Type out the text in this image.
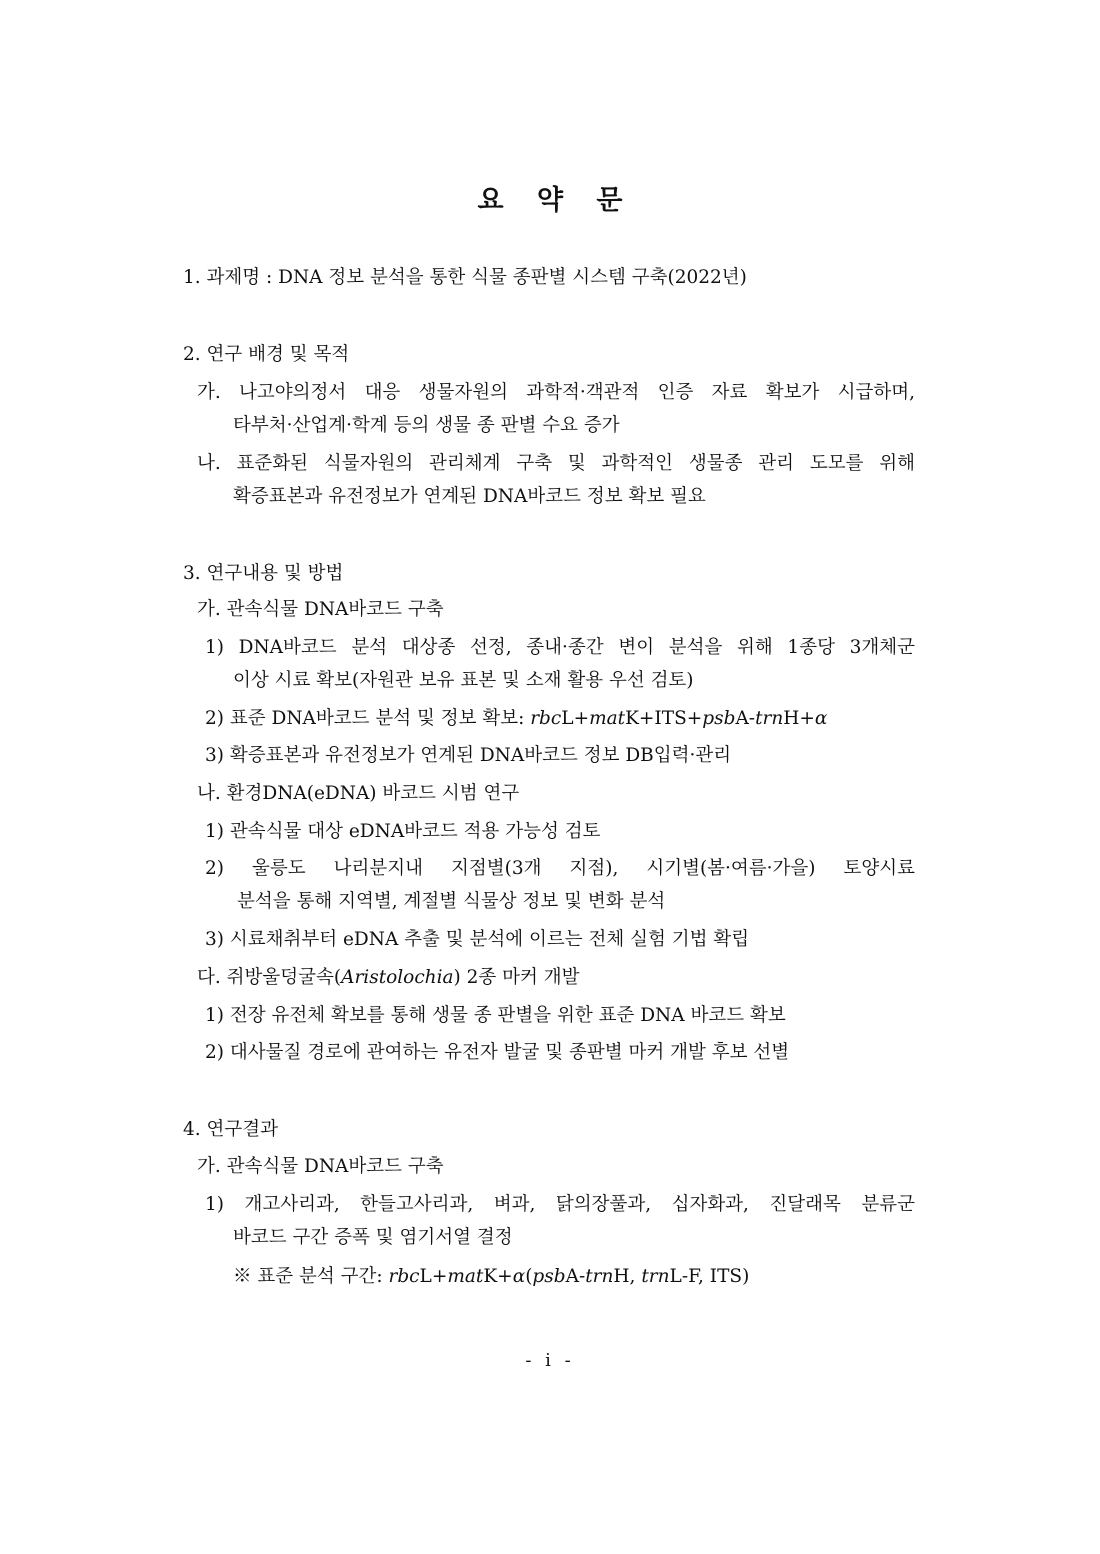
요 약 문
1. 과제명 : DNA 정보 분석을 통한 식물 종판별 시스템 구축(2022년)
2. 연구 배경 및 목적
가. 나고야의정서 대응 생물자원의 과학적·객관적 인증 자료 확보가 시급하며,
타부처·산업계·학계 등의 생물 종 판별 수요 증가
나. 표준화된 식물자원의 관리체계 구축 및 과학적인 생물종 관리 도모를 위해
확증표본과 유전정보가 연계된 DNA바코드 정보 확보 필요
3. 연구내용 및 방법
가. 관속식물 DNA바코드 구축
1) DNA바코드 분석 대상종 선정, 종내·종간 변이 분석을 위해 1종당 3개체군
이상 시료 확보(자원관 보유 표본 및 소재 활용 우선 검토)
2) 표준 DNA바코드 분석 및 정보 확보: rbcL+matK+ITS+psbA-trnH+α
3) 확증표본과 유전정보가 연계된 DNA바코드 정보 DB입력·관리
나. 환경DNA(eDNA) 바코드 시범 연구
1) 관속식물 대상 eDNA바코드 적용 가능성 검토
2) 울릉도 나리분지내 지점별(3개 지점), 시기별(봄·여름·가을) 토양시료
분석을 통해 지역별, 계절별 식물상 정보 및 변화 분석
3) 시료채취부터 eDNA 추출 및 분석에 이르는 전체 실험 기법 확립
다. 쥐방울덩굴속(Aristolochia) 2종 마커 개발
1) 전장 유전체 확보를 통해 생물 종 판별을 위한 표준 DNA 바코드 확보
2) 대사물질 경로에 관여하는 유전자 발굴 및 종판별 마커 개발 후보 선별
4. 연구결과
가. 관속식물 DNA바코드 구축
1) 개고사리과, 한들고사리과, 벼과, 닭의장풀과, 십자화과, 진달래목 분류군
바코드 구간 증폭 및 염기서열 결정
※ 표준 분석 구간: rbcL+matK+α(psbA-trnH, trnL-F, ITS)
- i -
